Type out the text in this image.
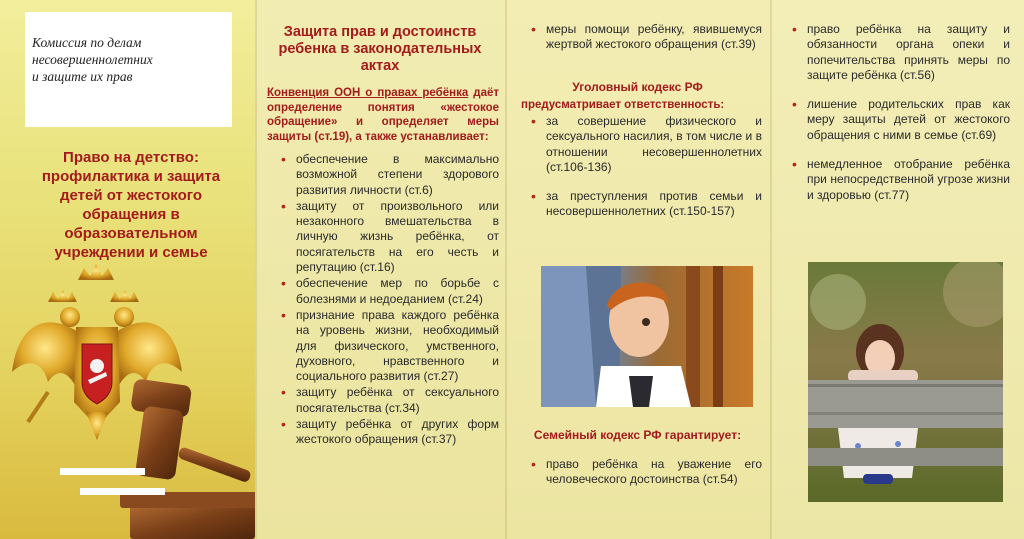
Комиссия по делам
несовершеннолетних
и защите их прав
Право на детство:
профилактика и защита
детей от жестокого
обращения в
образовательном
учреждении и семье
Защита прав и достоинств
ребенка в законодательных
актах
Конвенция ООН о правах ребёнка даёт определение понятия «жестокое обращение» и определяет меры защиты (ст.19), а также устанавливает:
• обеспечение в максимально возможной степени здорового развития личности (ст.6)
• защиту от произвольного или незаконного вмешательства в личную жизнь ребёнка, от посягательств на его честь и репутацию (ст.16)
• обеспечение мер по борьбе с болезнями и недоеданием (ст.24)
• признание права каждого ребёнка на уровень жизни, необходимый для физического, умственного, духовного, нравственного и социального развития (ст.27)
• защиту ребёнка от сексуального посягательства (ст.34)
• защиту ребёнка от других форм жестокого обращения (ст.37)
• меры помощи ребёнку, явившемуся жертвой жестокого обращения (ст.39)
Уголовный кодекс РФ
предусматривает ответственность:
• за совершение физического и сексуального насилия, в том числе и в отношении несовершеннолетних (ст.106-136)
• за преступления против семьи и несовершеннолетних (ст.150-157)
Семейный кодекс РФ гарантирует:
• право ребёнка на уважение его человеческого достоинства (ст.54)
• право ребёнка на защиту и обязанности органа опеки и попечительства принять меры по защите ребёнка (ст.56)
• лишение родительских прав как меру защиты детей от жестокого обращения с ними в семье (ст.69)
• немедленное отобрание ребёнка при непосредственной угрозе жизни и здоровью (ст.77)
